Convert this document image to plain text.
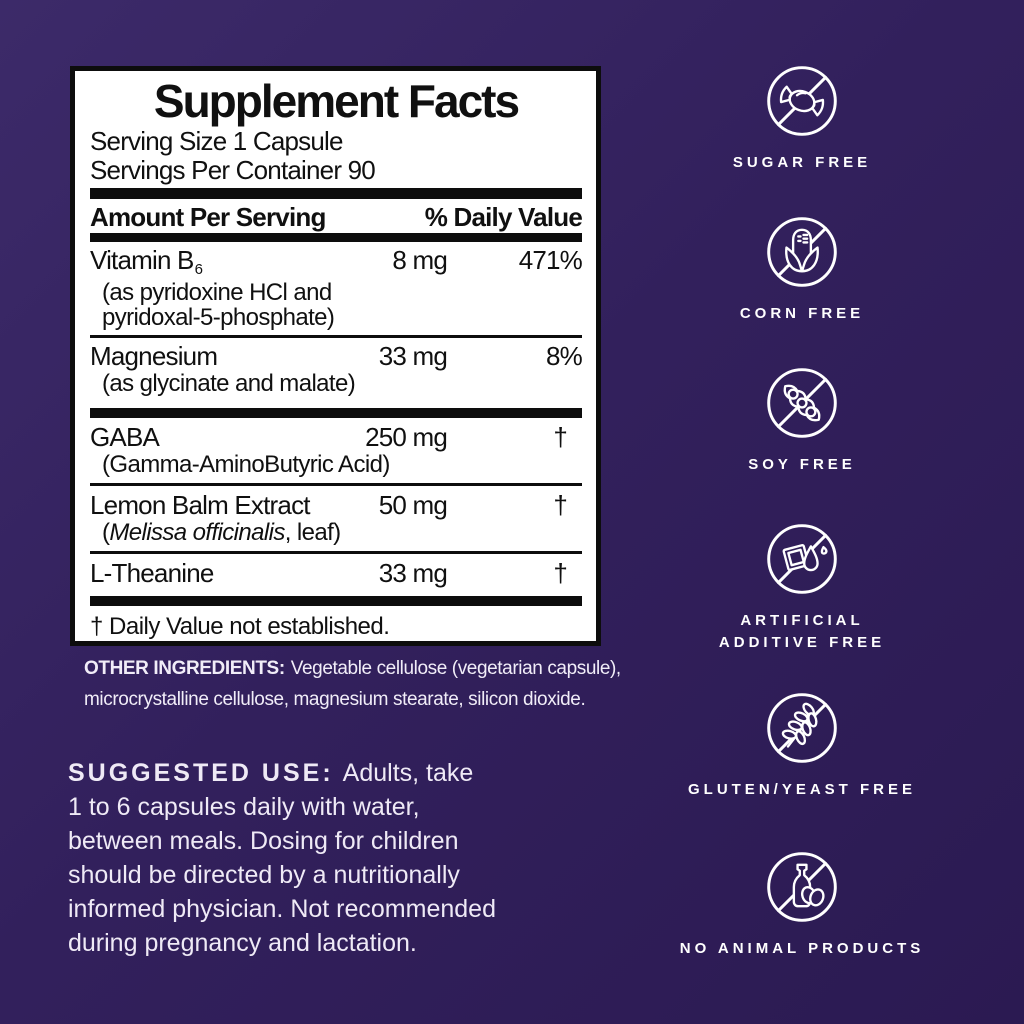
Supplement Facts
Serving Size 1 Capsule
Servings Per Container 90
Amount Per Serving	% Daily Value
Vitamin B6	8 mg	471%
(as pyridoxine HCl and
pyridoxal-5-phosphate)
Magnesium	33 mg	8%
(as glycinate and malate)
GABA	250 mg	†
(Gamma-AminoButyric Acid)
Lemon Balm Extract	50 mg	†
(Melissa officinalis, leaf)
L-Theanine	33 mg	†
† Daily Value not established.
OTHER INGREDIENTS: Vegetable cellulose (vegetarian capsule),
microcrystalline cellulose, magnesium stearate, silicon dioxide.
SUGGESTED USE: Adults, take
1 to 6 capsules daily with water,
between meals. Dosing for children
should be directed by a nutritionally
informed physician. Not recommended
during pregnancy and lactation.
SUGAR FREE
CORN FREE
SOY FREE
ARTIFICIAL
ADDITIVE FREE
GLUTEN/YEAST FREE
NO ANIMAL PRODUCTS
